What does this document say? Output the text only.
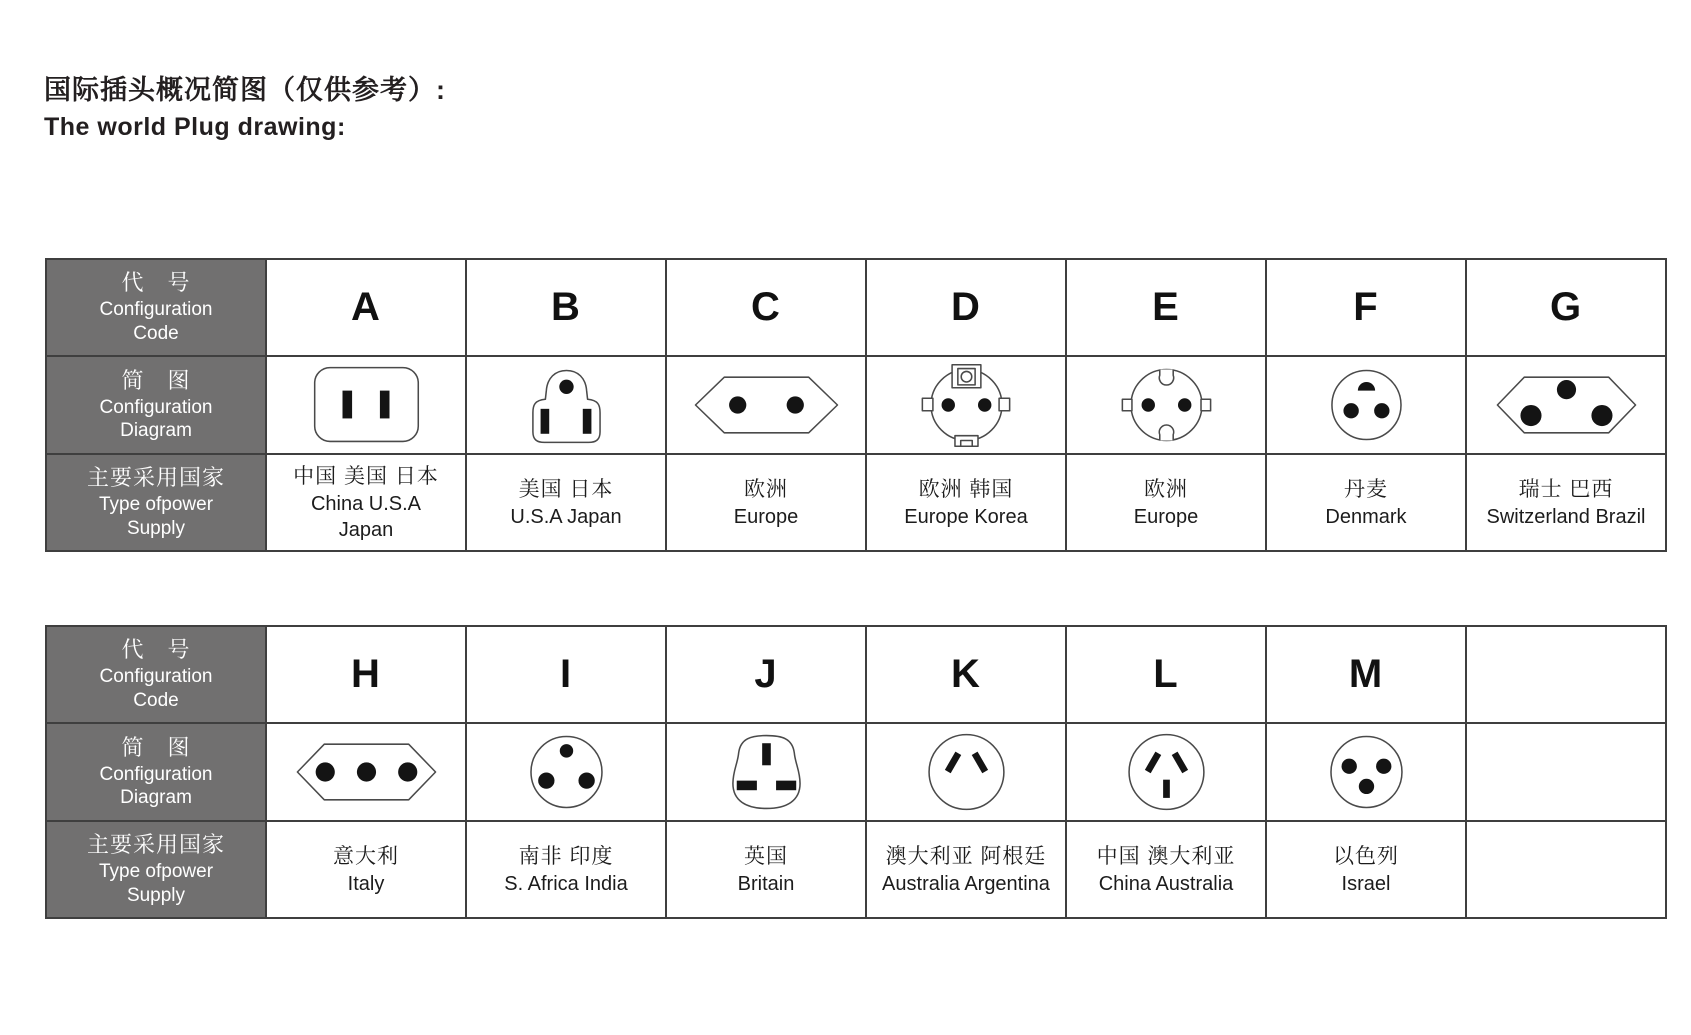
国际插头概况简图（仅供参考）:
The world Plug drawing:
代　号
Configuration
Code
简　图
Configuration
Diagram
主要采用国家
Type ofpower
Supply
A
中国 美国 日本
China U.S.A
Japan
B
美国 日本
U.S.A Japan
C
欧洲
Europe
D
欧洲 韩国
Europe Korea
E
欧洲
Europe
F
丹麦
Denmark
G
瑞士 巴西
Switzerland Brazil
代　号
Configuration
Code
简　图
Configuration
Diagram
主要采用国家
Type ofpower
Supply
H
意大利
Italy
I
南非 印度
S. Africa India
J
英国
Britain
K
澳大利亚 阿根廷
Australia Argentina
L
中国 澳大利亚
China Australia
M
以色列
Israel
